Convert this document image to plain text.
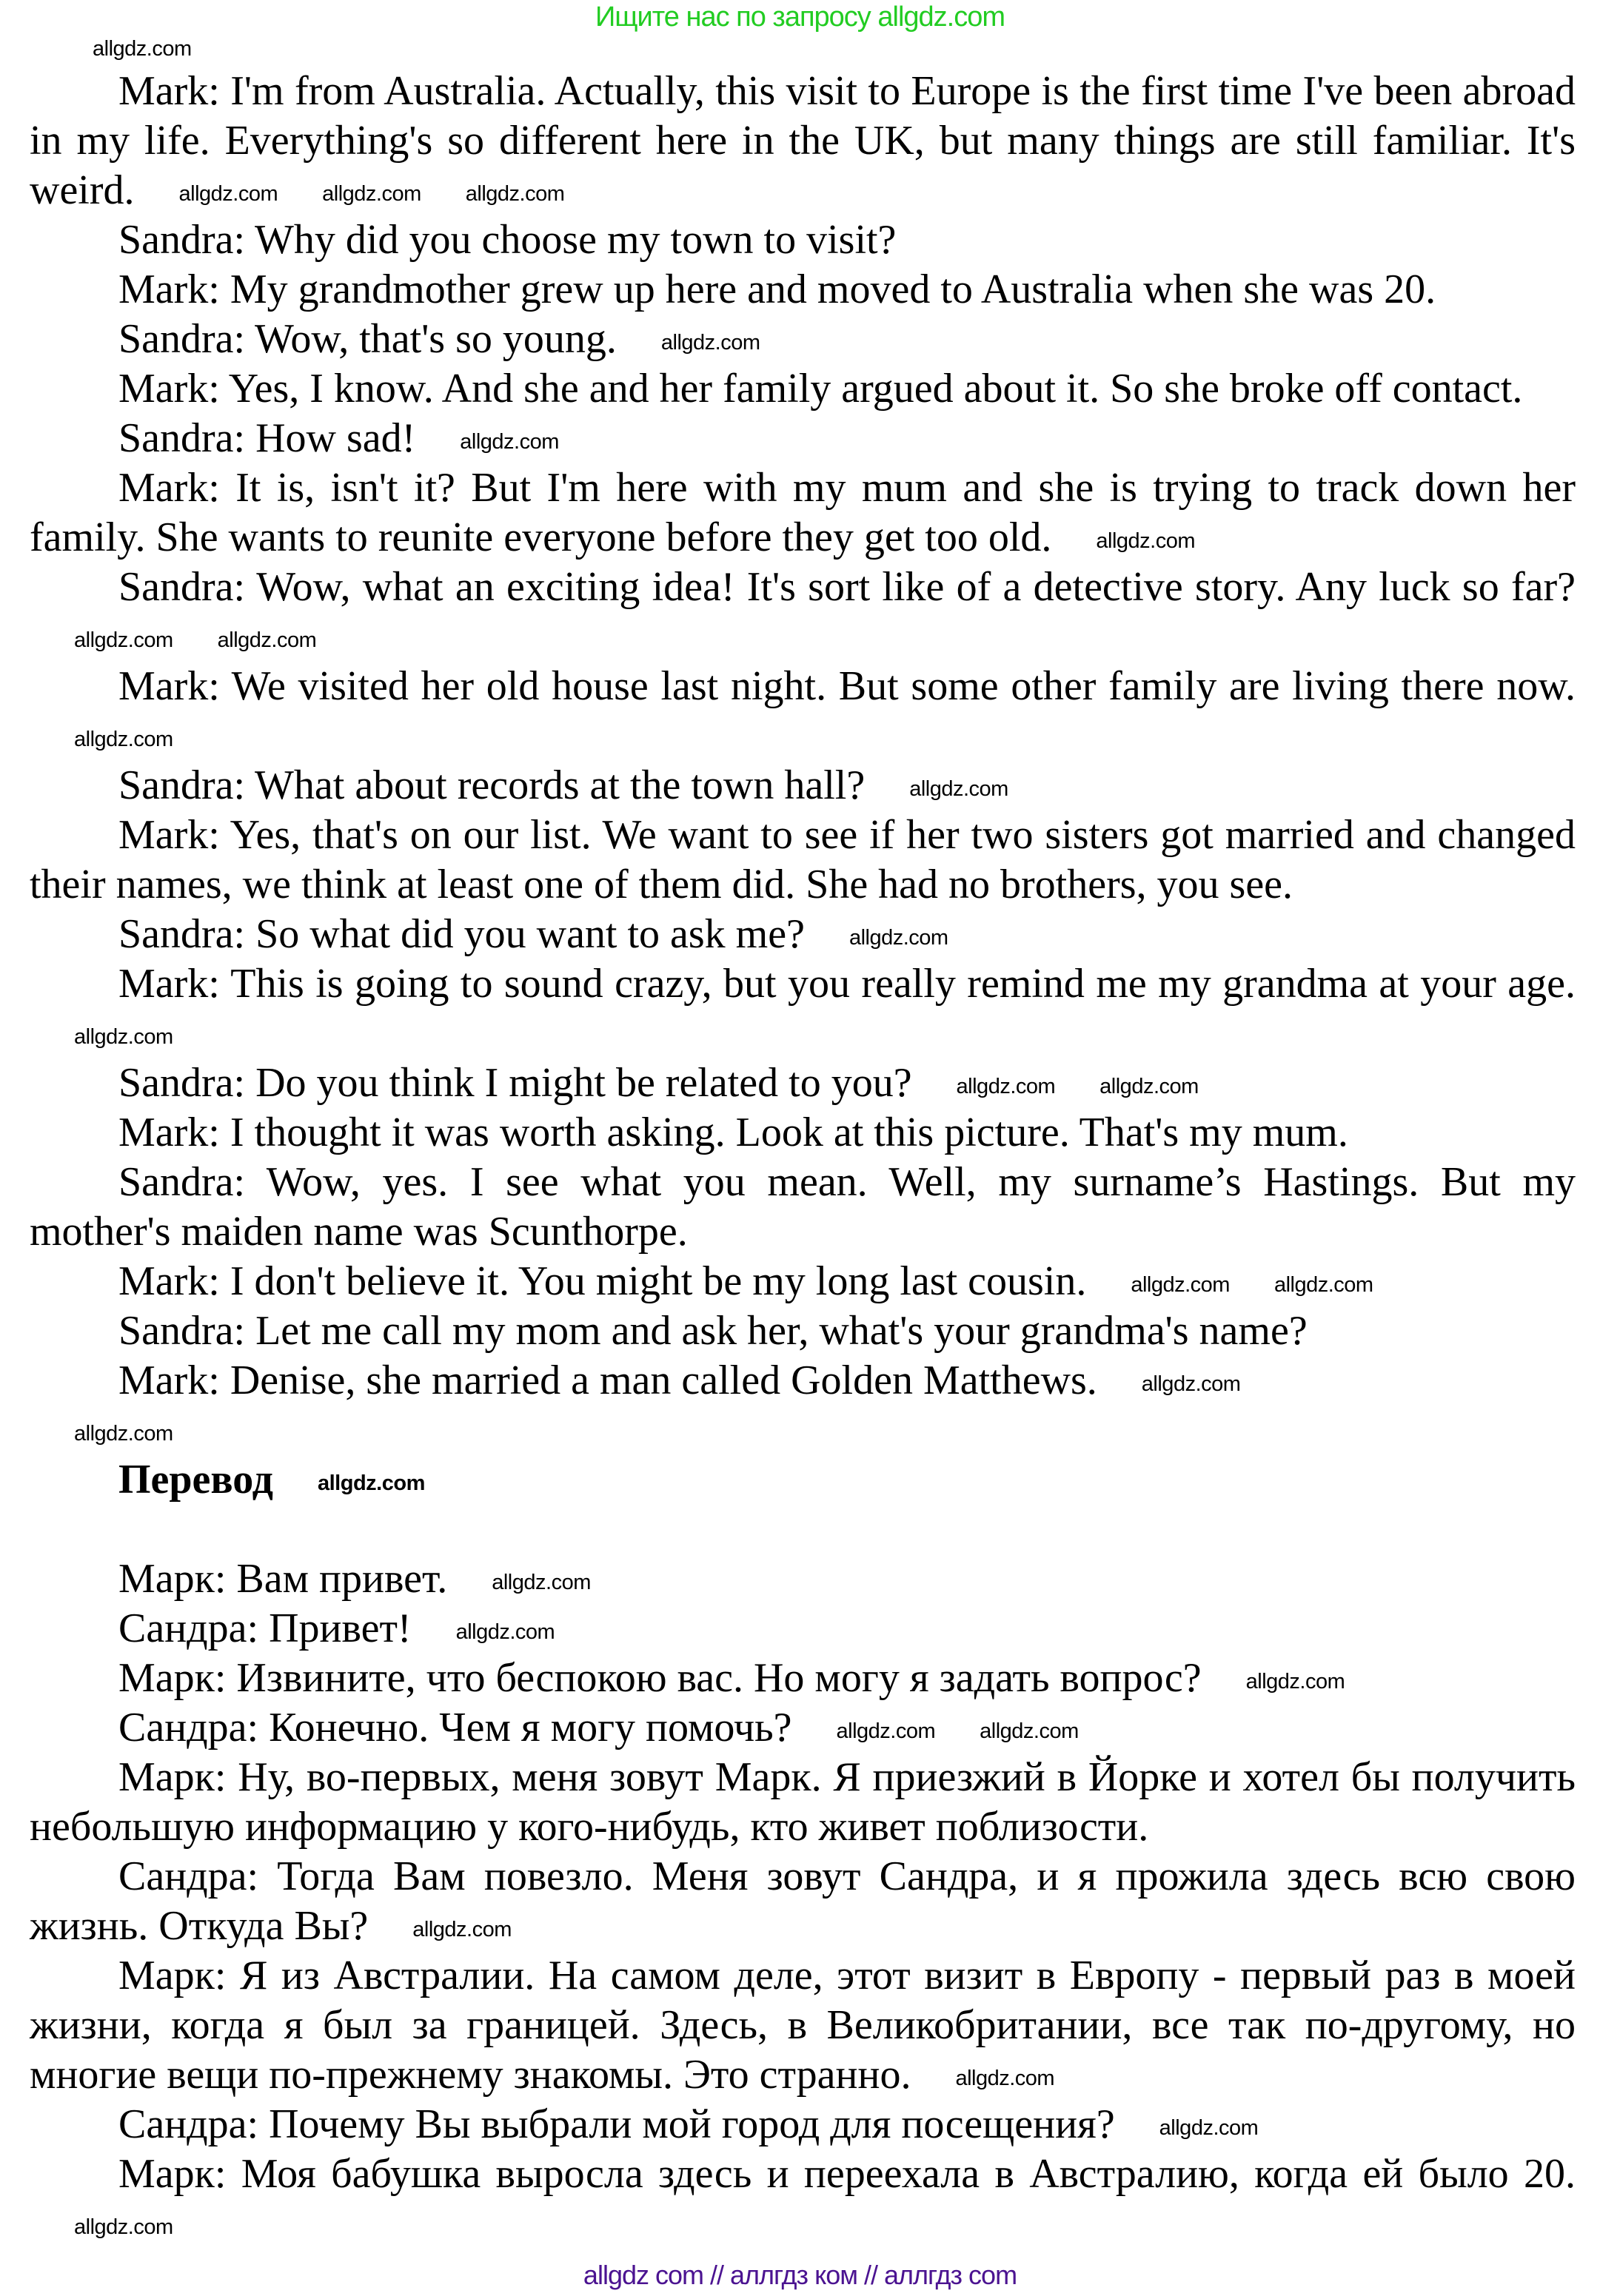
Ищите нас по запросу allgdz.com
allgdz.com

Mark: I'm from Australia. Actually, this visit to Europe is the first time I've been abroad in my life. Everything's so different here in the UK, but many things are still familiar. It's weird. allgdz.com allgdz.com allgdz.com

Sandra: Why did you choose my town to visit?

Mark: My grandmother grew up here and moved to Australia when she was 20.

Sandra: Wow, that's so young. allgdz.com

Mark: Yes, I know. And she and her family argued about it. So she broke off contact.

Sandra: How sad! allgdz.com

Mark: It is, isn't it? But I'm here with my mum and she is trying to track down her family. She wants to reunite everyone before they get too old. allgdz.com

Sandra: Wow, what an exciting idea! It's sort like of a detective story. Any luck so far?allgdz.com allgdz.com

Mark: We visited her old house last night. But some other family are living there now.allgdz.com

Sandra: What about records at the town hall? allgdz.com

Mark: Yes, that's on our list. We want to see if her two sisters got married and changed their names, we think at least one of them did. She had no brothers, you see.

Sandra: So what did you want to ask me? allgdz.com

Mark: This is going to sound crazy, but you really remind me my grandma at your age.allgdz.com

Sandra: Do you think I might be related to you? allgdz.com allgdz.com

Mark: I thought it was worth asking. Look at this picture. That's my mum.

Sandra: Wow, yes. I see what you mean. Well, my surname’s Hastings. But my mother's maiden name was Scunthorpe.

Mark: I don't believe it. You might be my long last cousin. allgdz.com allgdz.com

Sandra: Let me call my mom and ask her, what's your grandma's name?

Mark: Denise, she married a man called Golden Matthews. allgdz.com

allgdz.com

Перевод allgdz.com

Марк: Вам привет. allgdz.com

Сандра: Привет! allgdz.com

Марк: Извините, что беспокою вас. Но могу я задать вопрос? allgdz.com

Сандра: Конечно. Чем я могу помочь? allgdz.com allgdz.com

Марк: Ну, во-первых, меня зовут Марк. Я приезжий в Йорке и хотел бы получить небольшую информацию у кого-нибудь, кто живет поблизости.

Сандра: Тогда Вам повезло. Меня зовут Сандра, и я прожила здесь всю свою жизнь. Откуда Вы? allgdz.com

Марк: Я из Австралии. На самом деле, этот визит в Европу - первый раз в моей жизни, когда я был за границей. Здесь, в Великобритании, все так по-другому, но многие вещи по-прежнему знакомы. Это странно. allgdz.com

Сандра: Почему Вы выбрали мой город для посещения? allgdz.com

Марк: Моя бабушка выросла здесь и переехала в Австралию, когда ей было 20.allgdz.com

allgdz com // аллгдз ком // аллгдз com
